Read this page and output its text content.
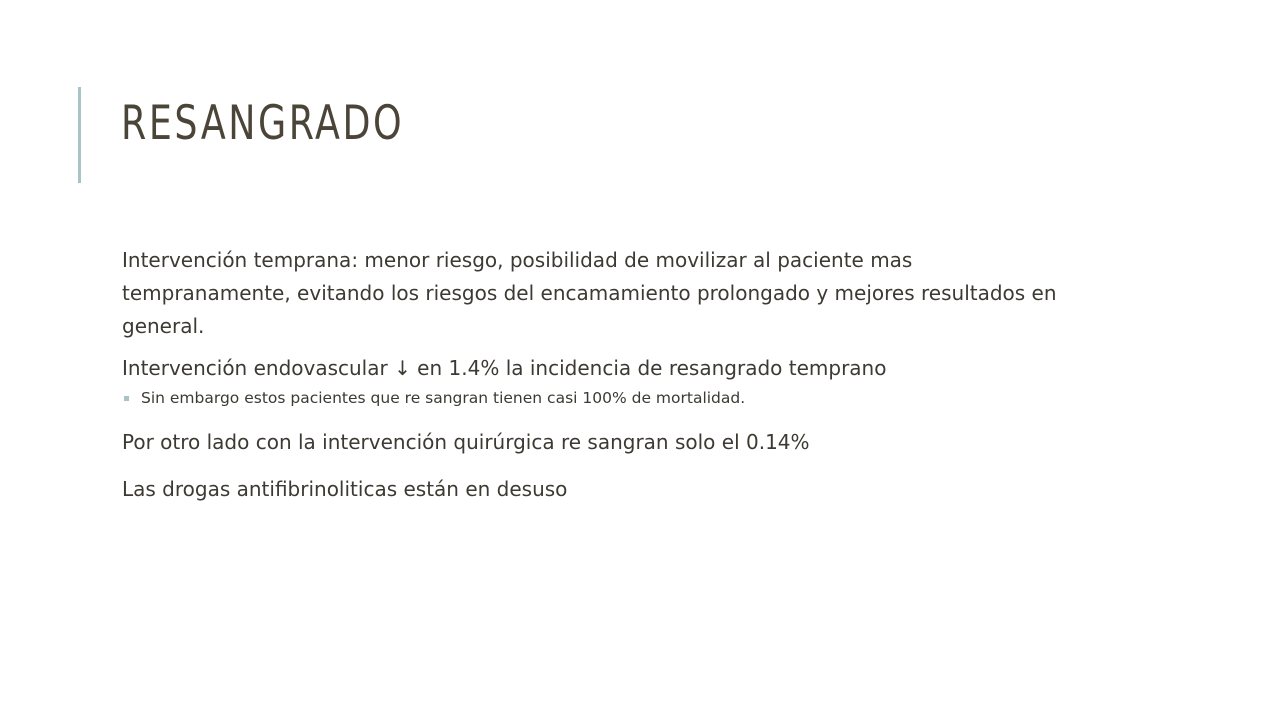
RESANGRADO

Intervención temprana: menor riesgo, posibilidad de movilizar al paciente mas tempranamente, evitando los riesgos del encamamiento prolongado y mejores resultados en general.

Intervención endovascular ↓ en 1.4% la incidencia de resangrado temprano

Sin embargo estos pacientes que re sangran tienen casi 100% de mortalidad.

Por otro lado con la intervención quirúrgica re sangran solo el 0.14%

Las drogas antifibrinoliticas están en desuso
